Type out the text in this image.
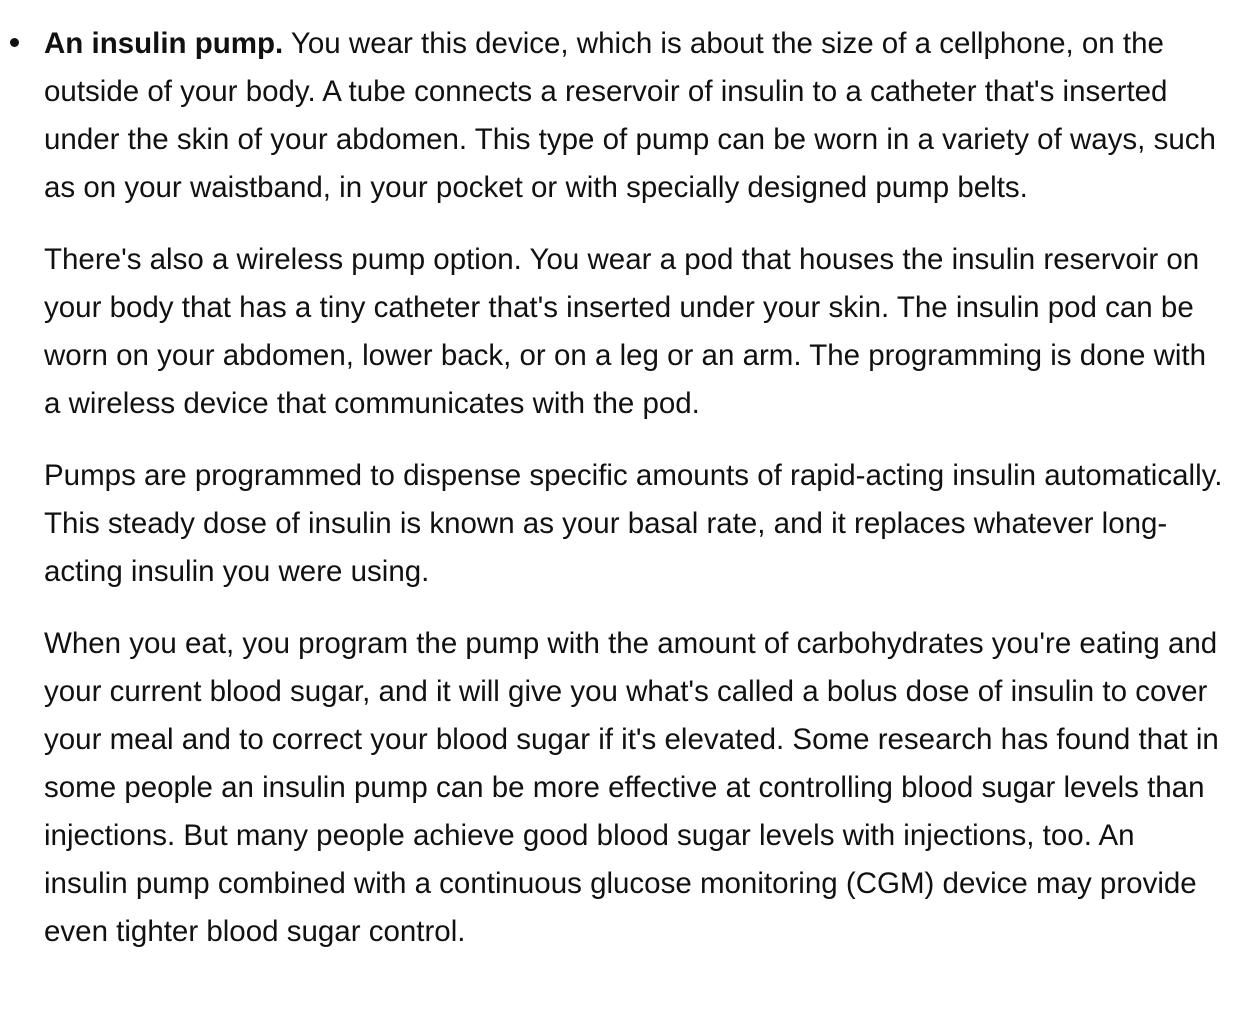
An insulin pump. You wear this device, which is about the size of a cellphone, on the outside of your body. A tube connects a reservoir of insulin to a catheter that's inserted under the skin of your abdomen. This type of pump can be worn in a variety of ways, such as on your waistband, in your pocket or with specially designed pump belts.

There's also a wireless pump option. You wear a pod that houses the insulin reservoir on your body that has a tiny catheter that's inserted under your skin. The insulin pod can be worn on your abdomen, lower back, or on a leg or an arm. The programming is done with a wireless device that communicates with the pod.

Pumps are programmed to dispense specific amounts of rapid-acting insulin automatically. This steady dose of insulin is known as your basal rate, and it replaces whatever long-acting insulin you were using.

When you eat, you program the pump with the amount of carbohydrates you're eating and your current blood sugar, and it will give you what's called a bolus dose of insulin to cover your meal and to correct your blood sugar if it's elevated. Some research has found that in some people an insulin pump can be more effective at controlling blood sugar levels than injections. But many people achieve good blood sugar levels with injections, too. An insulin pump combined with a continuous glucose monitoring (CGM) device may provide even tighter blood sugar control.
